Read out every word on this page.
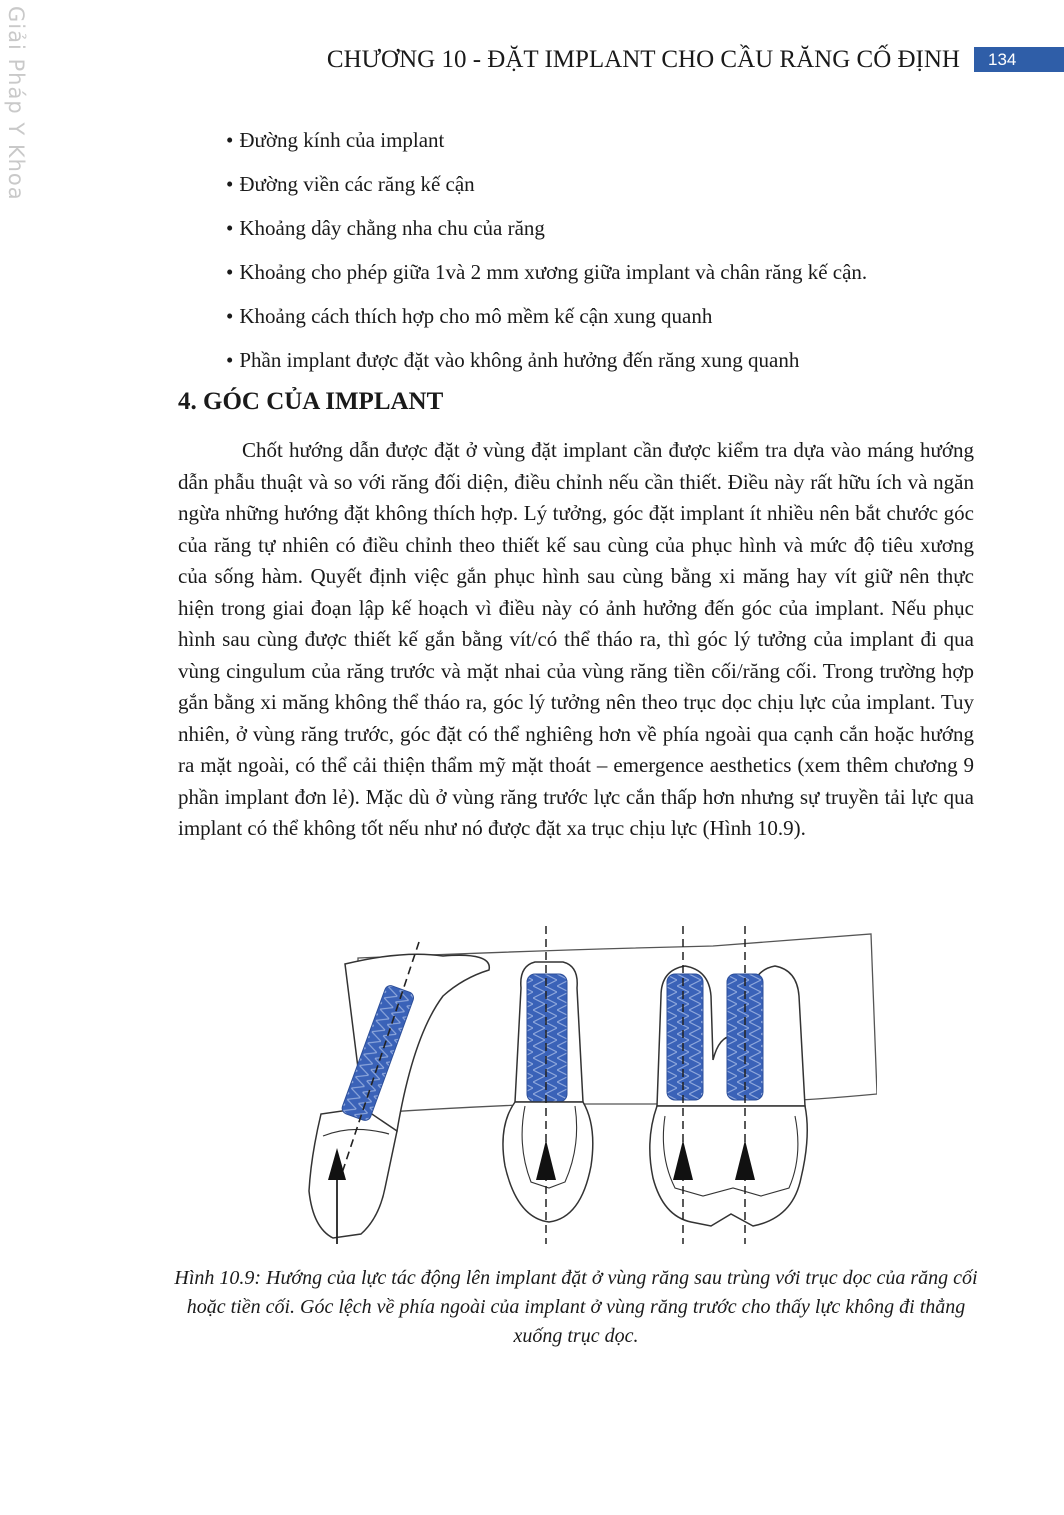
Giải Pháp Y Khoa	CHƯƠNG 10 - ĐẶT IMPLANT CHO CẦU RĂNG CỐ ĐỊNH	134
• Đường kính của implant
• Đường viền các răng kế cận
• Khoảng dây chằng nha chu của răng
• Khoảng cho phép giữa 1và 2 mm xương giữa implant và chân răng kế cận.
• Khoảng cách thích hợp cho mô mềm kế cận xung quanh
• Phần implant được đặt vào không ảnh hưởng đến răng xung quanh
4. GÓC CỦA IMPLANT

Chốt hướng dẫn được đặt ở vùng đặt implant cần được kiểm tra dựa vào máng hướng dẫn phẫu thuật và so với răng đối diện, điều chỉnh nếu cần thiết. Điều này rất hữu ích và ngăn ngừa những hướng đặt không thích hợp. Lý tưởng, góc đặt implant ít nhiều nên bắt chước góc của răng tự nhiên có điều chỉnh theo thiết kế sau cùng của phục hình và mức độ tiêu xương của sống hàm. Quyết định việc gắn phục hình sau cùng bằng xi măng hay vít giữ nên thực hiện trong giai đoạn lập kế hoạch vì điều này có ảnh hưởng đến góc của implant. Nếu phục hình sau cùng được thiết kế gắn bằng vít/có thể tháo ra, thì góc lý tưởng của implant đi qua vùng cingulum của răng trước và mặt nhai của vùng răng tiền cối/răng cối. Trong trường hợp gắn bằng xi măng không thể tháo ra, góc lý tưởng nên theo trục dọc chịu lực của implant. Tuy nhiên, ở vùng răng trước, góc đặt có thể nghiêng hơn về phía ngoài qua cạnh cắn hoặc hướng ra mặt ngoài, có thể cải thiện thẩm mỹ mặt thoát – emergence aesthetics (xem thêm chương 9 phần implant đơn lẻ). Mặc dù ở vùng răng trước lực cắn thấp hơn nhưng sự truyền tải lực qua implant có thể không tốt nếu như nó được đặt xa trục chịu lực (Hình 10.9).

Hình 10.9: Hướng của lực tác động lên implant đặt ở vùng răng sau trùng với trục dọc của răng cối hoặc tiền cối. Góc lệch về phía ngoài của implant ở vùng răng trước cho thấy lực không đi thẳng xuống trục dọc.
